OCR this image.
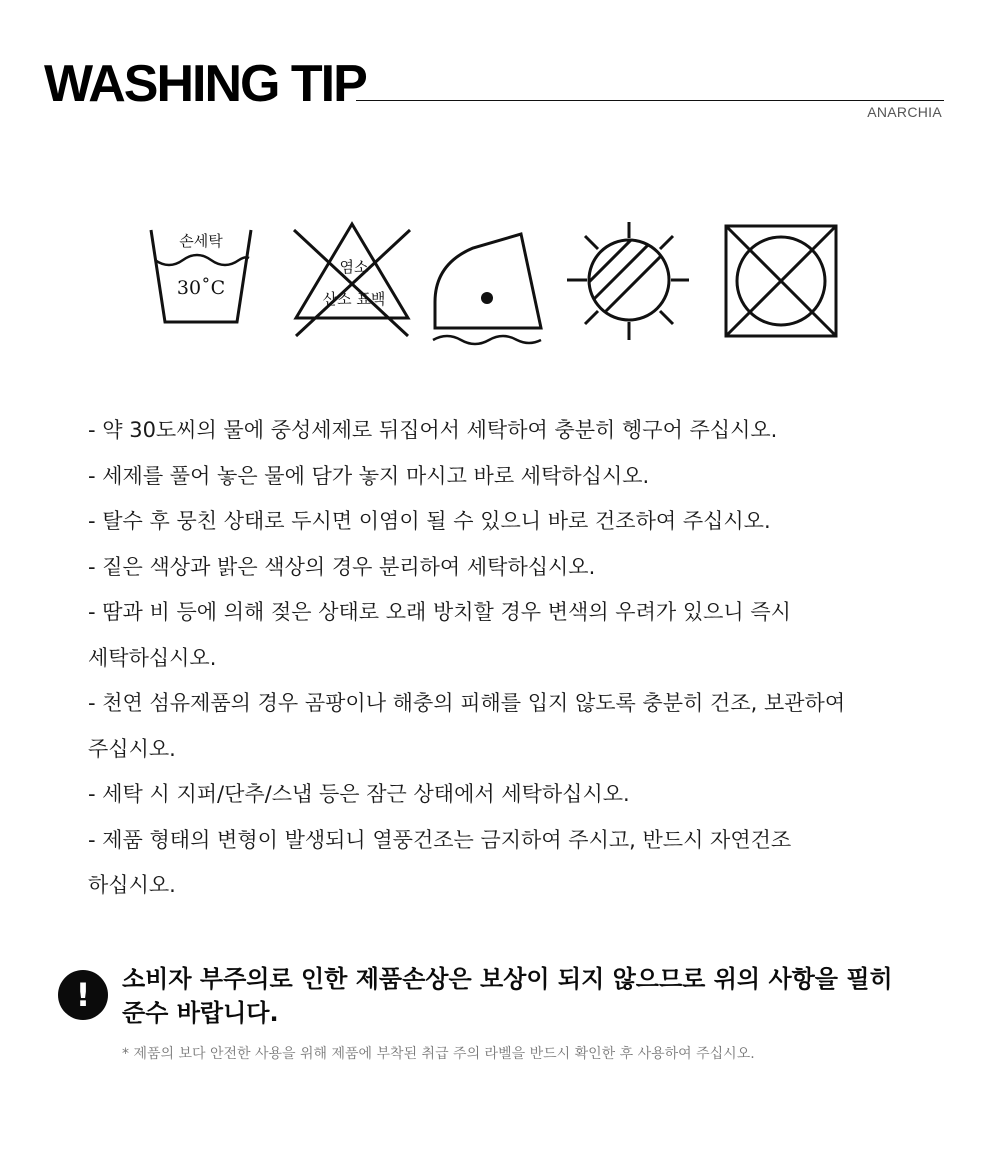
WASHING TIP	ANARCHIA
손세탁
30˚C
염소
산소 표백
- 약 30도씨의 물에 중성세제로 뒤집어서 세탁하여 충분히 헹구어 주십시오.
- 세제를 풀어 놓은 물에 담가 놓지 마시고 바로 세탁하십시오.
- 탈수 후 뭉친 상태로 두시면 이염이 될 수 있으니 바로 건조하여 주십시오.
- 짙은 색상과 밝은 색상의 경우 분리하여 세탁하십시오.
- 땀과 비 등에 의해 젖은 상태로 오래 방치할 경우 변색의 우려가 있으니 즉시
세탁하십시오.
- 천연 섬유제품의 경우 곰팡이나 해충의 피해를 입지 않도록 충분히 건조, 보관하여
주십시오.
- 세탁 시 지퍼/단추/스냅 등은 잠근 상태에서 세탁하십시오.
- 제품 형태의 변형이 발생되니 열풍건조는 금지하여 주시고, 반드시 자연건조
하십시오.
!	소비자 부주의로 인한 제품손상은 보상이 되지 않으므로 위의 사항을 필히
준수 바랍니다.
* 제품의 보다 안전한 사용을 위해 제품에 부착된 취급 주의 라벨을 반드시 확인한 후 사용하여 주십시오.
